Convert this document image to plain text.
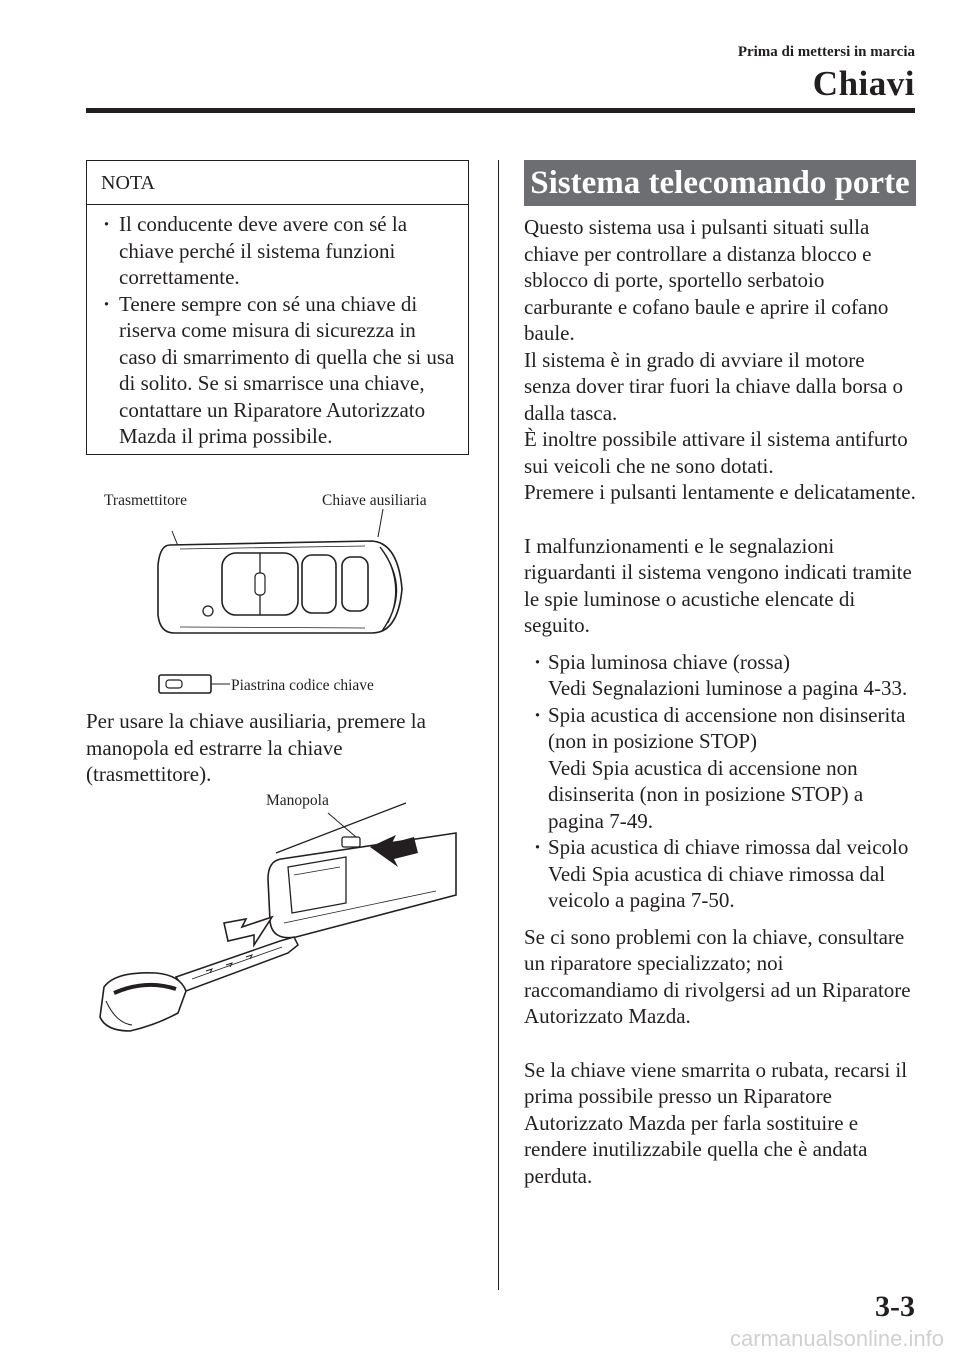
Prima di mettersi in marcia
Chiavi
NOTA
· Il conducente deve avere con sé la chiave perché il sistema funzioni correttamente.
· Tenere sempre con sé una chiave di riserva come misura di sicurezza in caso di smarrimento di quella che si usa di solito. Se si smarrisce una chiave, contattare un Riparatore Autorizzato Mazda il prima possibile.
Trasmettitore	Chiave ausiliaria
Piastrina codice chiave
Per usare la chiave ausiliaria, premere la manopola ed estrarre la chiave (trasmettitore).
Manopola
Sistema telecomando porte
Questo sistema usa i pulsanti situati sulla chiave per controllare a distanza blocco e sblocco di porte, sportello serbatoio carburante e cofano baule e aprire il cofano baule.
Il sistema è in grado di avviare il motore senza dover tirar fuori la chiave dalla borsa o dalla tasca.
È inoltre possibile attivare il sistema antifurto sui veicoli che ne sono dotati.
Premere i pulsanti lentamente e delicatamente.
I malfunzionamenti e le segnalazioni riguardanti il sistema vengono indicati tramite le spie luminose o acustiche elencate di seguito.
· Spia luminosa chiave (rossa)
Vedi Segnalazioni luminose a pagina 4-33.
· Spia acustica di accensione non disinserita (non in posizione STOP)
Vedi Spia acustica di accensione non disinserita (non in posizione STOP) a pagina 7-49.
· Spia acustica di chiave rimossa dal veicolo
Vedi Spia acustica di chiave rimossa dal veicolo a pagina 7-50.
Se ci sono problemi con la chiave, consultare un riparatore specializzato; noi raccomandiamo di rivolgersi ad un Riparatore Autorizzato Mazda.
Se la chiave viene smarrita o rubata, recarsi il prima possibile presso un Riparatore Autorizzato Mazda per farla sostituire e rendere inutilizzabile quella che è andata perduta.
3-3
carmanualsonline.info
